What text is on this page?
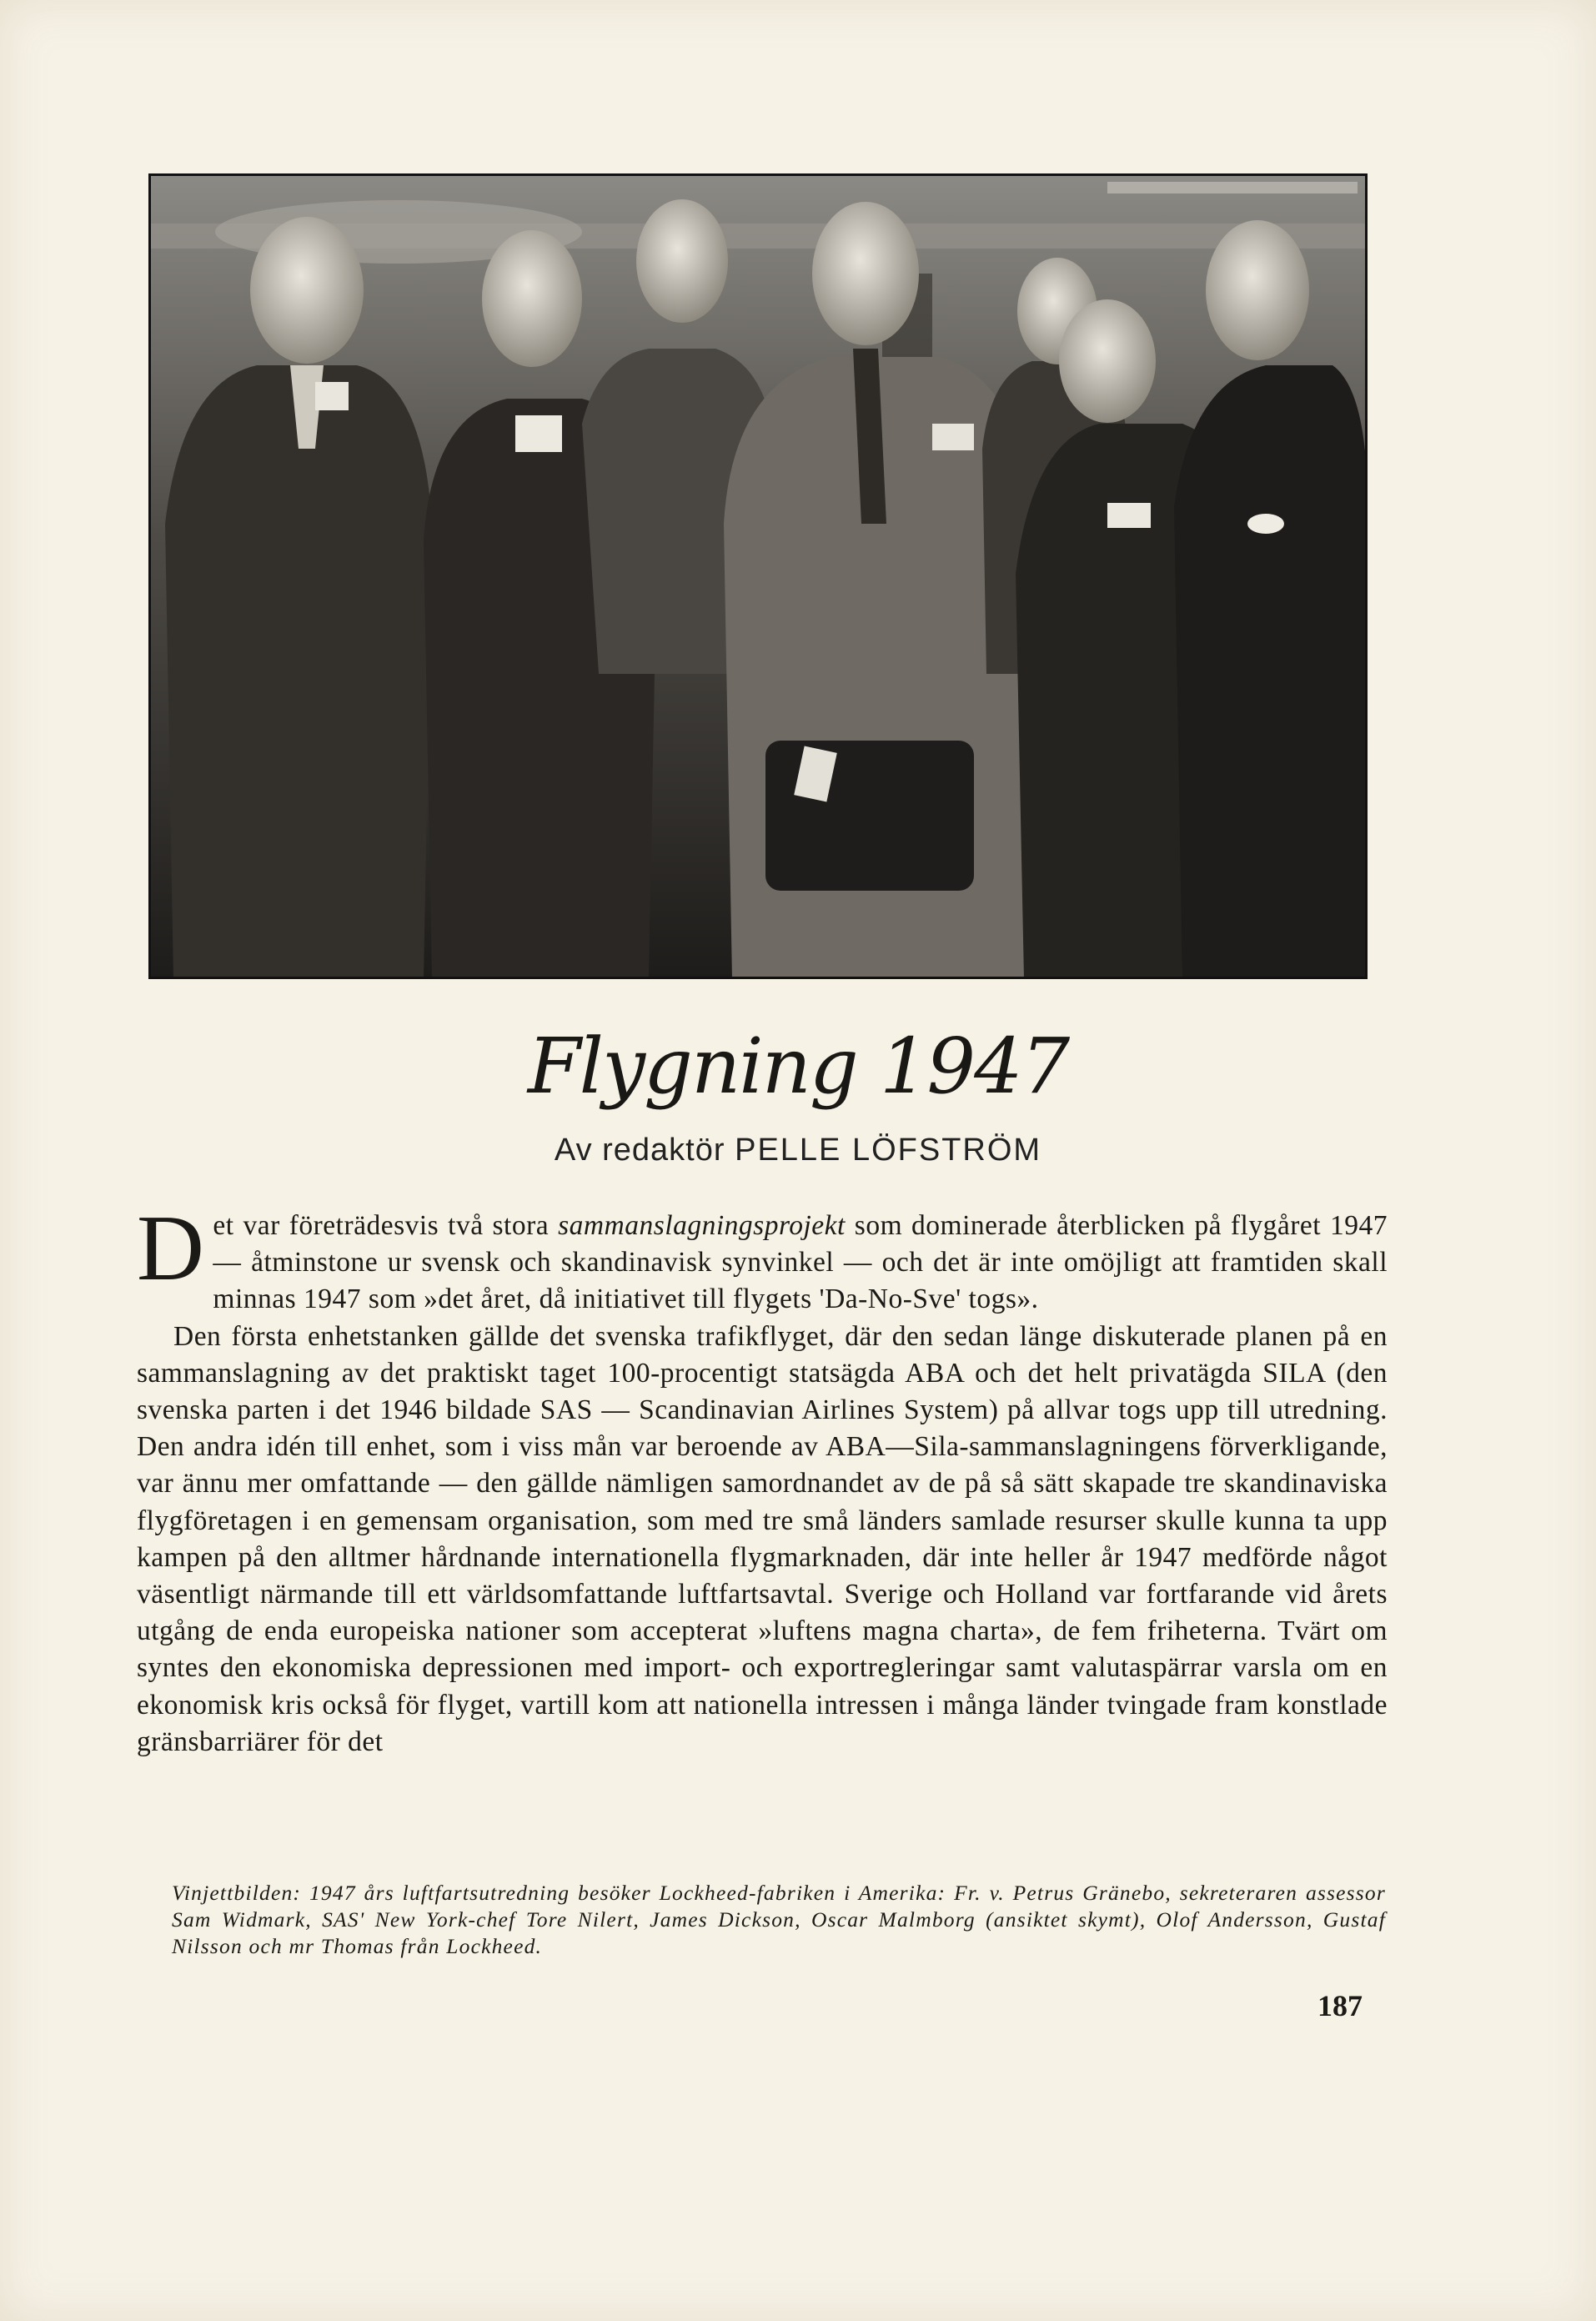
Flygning 1947
Av redaktör PELLE LÖFSTRÖM

Det var företrädesvis två stora sammanslagningsprojekt som dominerade återblicken på flygåret 1947 — åtminstone ur svensk och skandinavisk synvinkel — och det är inte omöjligt att framtiden skall minnas 1947 som »det året, då initiativet till flygets 'Da-No-Sve' togs».

Den första enhetstanken gällde det svenska trafikflyget, där den sedan länge diskuterade planen på en sammanslagning av det praktiskt taget 100-procentigt statsägda ABA och det helt privatägda SILA (den svenska parten i det 1946 bildade SAS — Scandinavian Airlines System) på allvar togs upp till utredning. Den andra idén till enhet, som i viss mån var beroende av ABA—Sila-sammanslagningens förverkligande, var ännu mer omfattande — den gällde nämligen samordnandet av de på så sätt skapade tre skandinaviska flygföretagen i en gemensam organisation, som med tre små länders samlade resurser skulle kunna ta upp kampen på den alltmer hårdnande internationella flygmarknaden, där inte heller år 1947 medförde något väsentligt närmande till ett världsomfattande luftfartsavtal. Sverige och Holland var fortfarande vid årets utgång de enda europeiska nationer som accepterat »luftens magna charta», de fem friheterna. Tvärt om syntes den ekonomiska depressionen med import- och exportregleringar samt valutaspärrar varsla om en ekonomisk kris också för flyget, vartill kom att nationella intressen i många länder tvingade fram konstlade gränsbarriärer för det

Vinjettbilden: 1947 års luftfartsutredning besöker Lockheed-fabriken i Amerika: Fr. v. Petrus Gränebo, sekreteraren assessor Sam Widmark, SAS' New York-chef Tore Nilert, James Dickson, Oscar Malmborg (ansiktet skymt), Olof Andersson, Gustaf Nilsson och mr Thomas från Lockheed.
187
